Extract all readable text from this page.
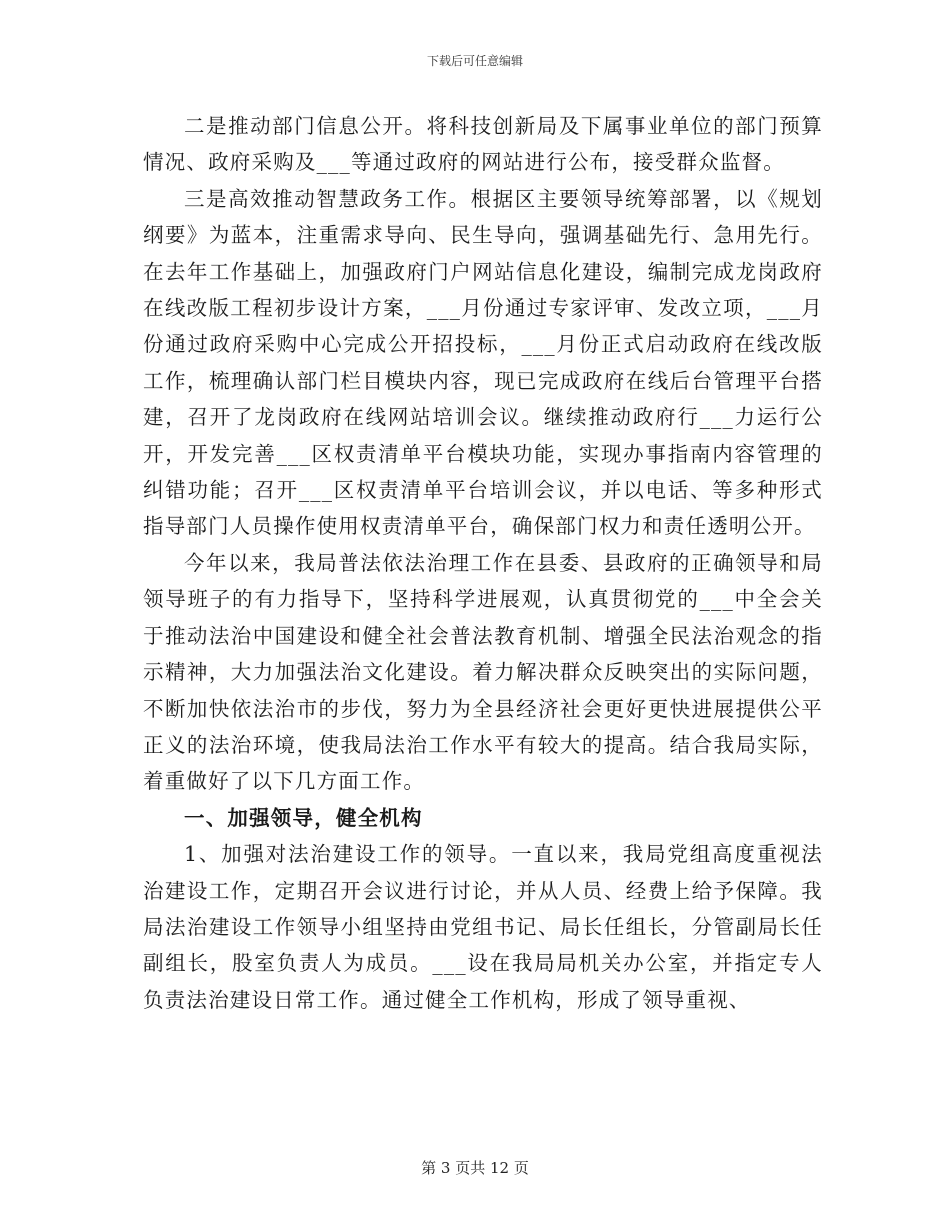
下载后可任意编辑

二是推动部门信息公开。将科技创新局及下属事业单位的部门预算情况、政府采购及___等通过政府的网站进行公布，接受群众监督。

三是高效推动智慧政务工作。根据区主要领导统筹部署，以《规划纲要》为蓝本，注重需求导向、民生导向，强调基础先行、急用先行。在去年工作基础上，加强政府门户网站信息化建设，编制完成龙岗政府在线改版工程初步设计方案，___月份通过专家评审、发改立项，___月份通过政府采购中心完成公开招投标，___月份正式启动政府在线改版工作，梳理确认部门栏目模块内容，现已完成政府在线后台管理平台搭建，召开了龙岗政府在线网站培训会议。继续推动政府行___力运行公开，开发完善___区权责清单平台模块功能，实现办事指南内容管理的纠错功能；召开___区权责清单平台培训会议，并以电话、等多种形式指导部门人员操作使用权责清单平台，确保部门权力和责任透明公开。

今年以来，我局普法依法治理工作在县委、县政府的正确领导和局领导班子的有力指导下，坚持科学进展观，认真贯彻党的___中全会关于推动法治中国建设和健全社会普法教育机制、增强全民法治观念的指示精神，大力加强法治文化建设。着力解决群众反映突出的实际问题，不断加快依法治市的步伐，努力为全县经济社会更好更快进展提供公平正义的法治环境，使我局法治工作水平有较大的提高。结合我局实际，着重做好了以下几方面工作。

一、加强领导，健全机构

1、加强对法治建设工作的领导。一直以来，我局党组高度重视法治建设工作，定期召开会议进行讨论，并从人员、经费上给予保障。我局法治建设工作领导小组坚持由党组书记、局长任组长，分管副局长任副组长，股室负责人为成员。___设在我局局机关办公室，并指定专人负责法治建设日常工作。通过健全工作机构，形成了领导重视、

第 3 页共 12 页
